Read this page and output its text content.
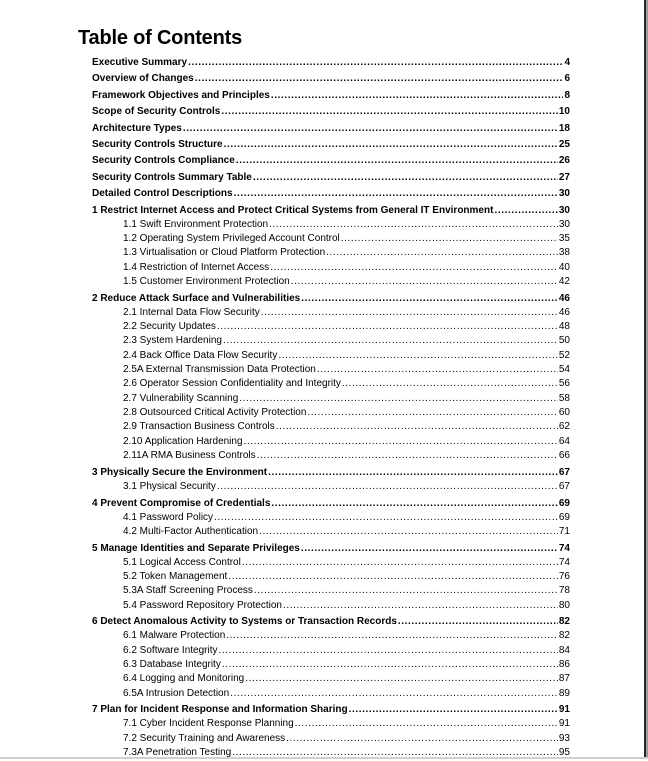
Table of Contents
Executive Summary .....	4
Overview of Changes .....	6
Framework Objectives and Principles .....	8
Scope of Security Controls .....	10
Architecture Types .....	18
Security Controls Structure .....	25
Security Controls Compliance .....	26
Security Controls Summary Table .....	27
Detailed Control Descriptions .....	30
1 Restrict Internet Access and Protect Critical Systems from General IT Environment .....	30
1.1 Swift Environment Protection .....	30
1.2 Operating System Privileged Account Control .....	35
1.3 Virtualisation or Cloud Platform Protection .....	38
1.4 Restriction of Internet Access .....	40
1.5 Customer Environment Protection .....	42
2 Reduce Attack Surface and Vulnerabilities .....	46
2.1 Internal Data Flow Security .....	46
2.2 Security Updates .....	48
2.3 System Hardening .....	50
2.4 Back Office Data Flow Security .....	52
2.5A External Transmission Data Protection .....	54
2.6 Operator Session Confidentiality and Integrity .....	56
2.7 Vulnerability Scanning .....	58
2.8 Outsourced Critical Activity Protection .....	60
2.9 Transaction Business Controls .....	62
2.10 Application Hardening .....	64
2.11A RMA Business Controls .....	66
3 Physically Secure the Environment .....	67
3.1 Physical Security .....	67
4 Prevent Compromise of Credentials .....	69
4.1 Password Policy .....	69
4.2 Multi-Factor Authentication .....	71
5 Manage Identities and Separate Privileges .....	74
5.1 Logical Access Control .....	74
5.2 Token Management .....	76
5.3A Staff Screening Process .....	78
5.4 Password Repository Protection .....	80
6 Detect Anomalous Activity to Systems or Transaction Records .....	82
6.1 Malware Protection .....	82
6.2 Software Integrity .....	84
6.3 Database Integrity .....	86
6.4 Logging and Monitoring .....	87
6.5A Intrusion Detection .....	89
7 Plan for Incident Response and Information Sharing .....	91
7.1 Cyber Incident Response Planning .....	91
7.2 Security Training and Awareness .....	93
7.3A Penetration Testing .....	95
